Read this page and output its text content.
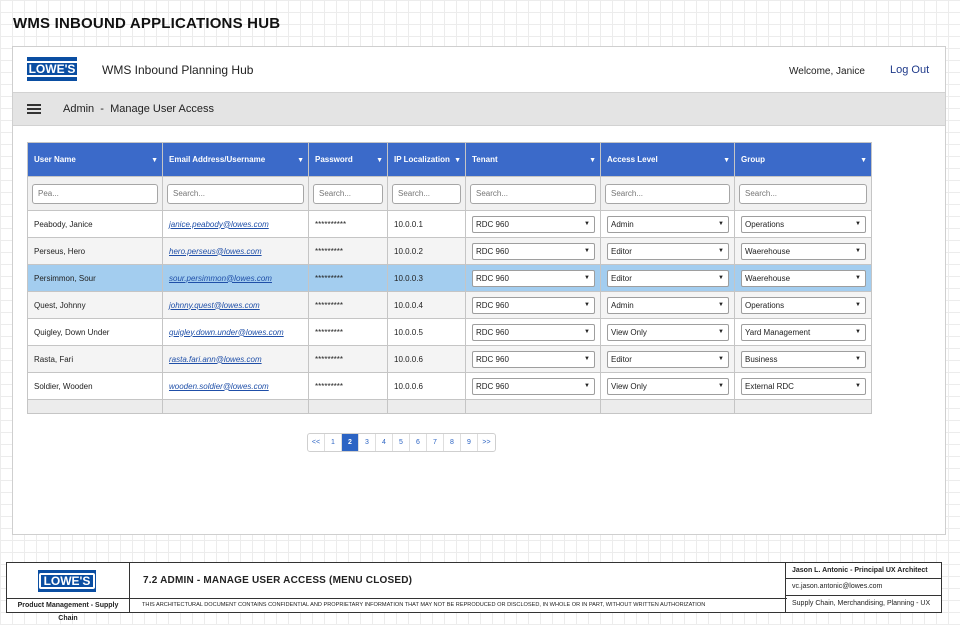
WMS INBOUND APPLICATIONS HUB
LOWE'S	WMS Inbound Planning Hub	Welcome, Janice Log Out
Admin  -  Manage User Access
User Name ▼	Email Address/Username ▼	Password ▼	IP Localization ▼	Tenant ▼	Access Level ▼	Group ▼

Pea...	Search...	Search...	Search...	Search...	Search...	Search...
Peabody, Janice	janice.peabody@lowes.com	**********	10.0.0.1	RDC 960 ▼	Admin ▼	Operations ▼

Perseus, Hero	hero.perseus@lowes.com	*********	10.0.0.2	RDC 960 ▼	Editor ▼	Waerehouse ▼

Persimmon, Sour	sour.persimmon@lowes.com	*********	10.0.0.3	RDC 960 ▼	Editor ▼	Waerehouse ▼

Quest, Johnny	johnny.quest@lowes.com	*********	10.0.0.4	RDC 960 ▼	Admin ▼	Operations ▼

Quigley, Down Under	quigley.down.under@lowes.com	*********	10.0.0.5	RDC 960 ▼	View Only ▼	Yard Management ▼

Rasta, Fari	rasta.fari.ann@lowes.com	*********	10.0.0.6	RDC 960 ▼	Editor ▼	Business ▼

Soldier, Wooden	wooden.soldier@lowes.com	*********	10.0.0.6	RDC 960 ▼	View Only ▼	External RDC ▼

<<	1	2	3	4	5	6	7	8	9	>>
LOWE'S
Product Management - Supply Chain
7.2 ADMIN - MANAGE USER ACCESS (MENU CLOSED)
THIS ARCHITECTURAL DOCUMENT CONTAINS CONFIDENTIAL AND PROPRIETARY INFORMATION THAT MAY NOT BE REPRODUCED OR DISCLOSED, IN WHOLE OR IN PART, WITHOUT WRITTEN AUTHORIZATION
Jason L. Antonic - Principal UX Architect
vc.jason.antonic@lowes.com
Supply Chain, Merchandising, Planning - UX
